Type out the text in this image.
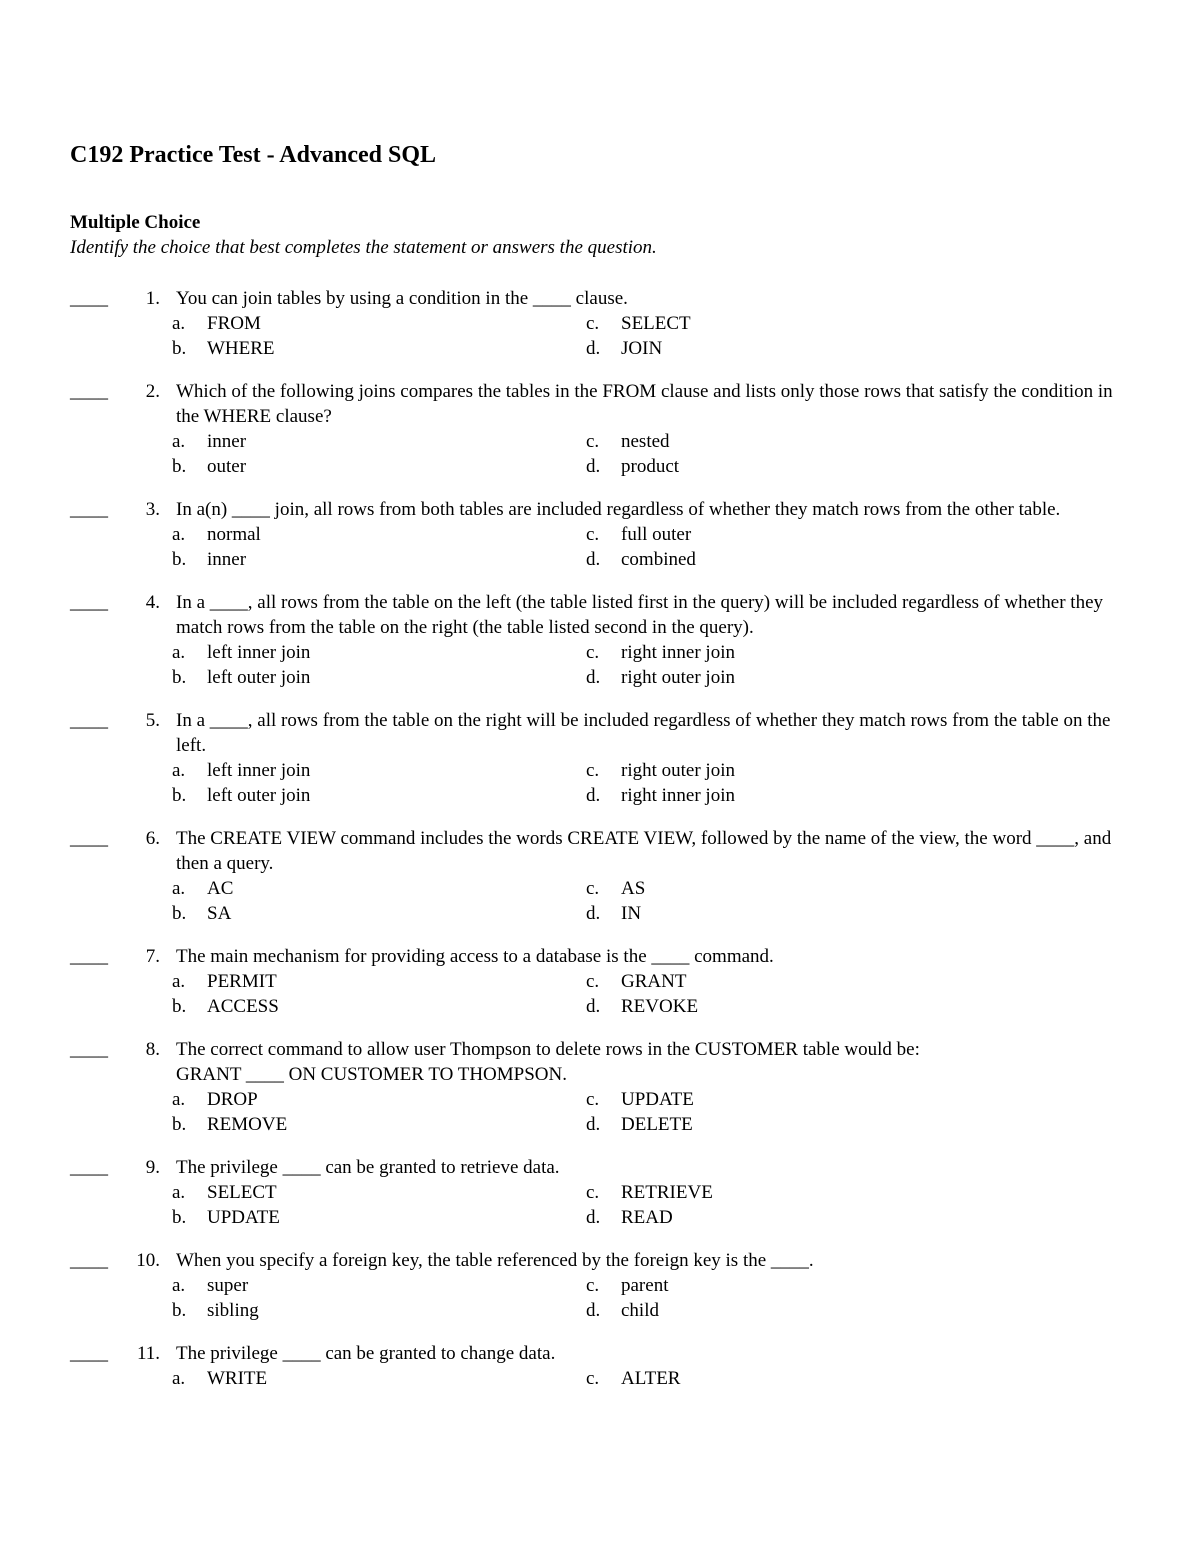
C192 Practice Test - Advanced SQL
Multiple Choice
Identify the choice that best completes the statement or answers the question.
____ 1. You can join tables by using a condition in the ____ clause.
a.	FROM	c.	SELECT
b.	WHERE	d.	JOIN
____ 2. Which of the following joins compares the tables in the FROM clause and lists only those rows that satisfy the condition in the WHERE clause?
a.	inner	c.	nested
b.	outer	d.	product
____ 3. In a(n) ____ join, all rows from both tables are included regardless of whether they match rows from the other table.
a.	normal	c.	full outer
b.	inner	d.	combined
____ 4. In a ____, all rows from the table on the left (the table listed first in the query) will be included regardless of whether they match rows from the table on the right (the table listed second in the query).
a.	left inner join	c.	right inner join
b.	left outer join	d.	right outer join
____ 5. In a ____, all rows from the table on the right will be included regardless of whether they match rows from the table on the left.
a.	left inner join	c.	right outer join
b.	left outer join	d.	right inner join
____ 6. The CREATE VIEW command includes the words CREATE VIEW, followed by the name of the view, the word ____, and then a query.
a.	AC	c.	AS
b.	SA	d.	IN
____ 7. The main mechanism for providing access to a database is the ____ command.
a.	PERMIT	c.	GRANT
b.	ACCESS	d.	REVOKE
____ 8. The correct command to allow user Thompson to delete rows in the CUSTOMER table would be:
GRANT ____ ON CUSTOMER TO THOMPSON.
a.	DROP	c.	UPDATE
b.	REMOVE	d.	DELETE
____ 9. The privilege ____ can be granted to retrieve data.
a.	SELECT	c.	RETRIEVE
b.	UPDATE	d.	READ
____ 10. When you specify a foreign key, the table referenced by the foreign key is the ____.
a.	super	c.	parent
b.	sibling	d.	child
____ 11. The privilege ____ can be granted to change data.
a.	WRITE	c.	ALTER
